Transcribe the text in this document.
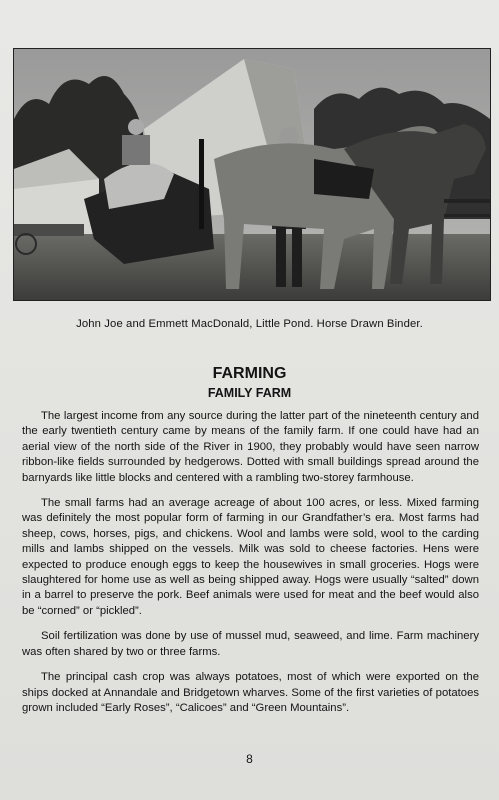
John Joe and Emmett MacDonald, Little Pond. Horse Drawn Binder.
FARMING
FAMILY FARM

The largest income from any source during the latter part of the nineteenth century and the early twentieth century came by means of the family farm. If one could have had an aerial view of the north side of the River in 1900, they probably would have seen narrow ribbon-like fields surrounded by hedgerows. Dotted with small buildings spread around the barnyards like little blocks and centered with a rambling two-storey farmhouse.

The small farms had an average acreage of about 100 acres, or less. Mixed farming was definitely the most popular form of farming in our Grandfather’s era. Most farms had sheep, cows, horses, pigs, and chickens. Wool and lambs were sold, wool to the carding mills and lambs shipped on the vessels. Milk was sold to cheese factories. Hens were expected to produce enough eggs to keep the housewives in small groceries. Hogs were slaughtered for home use as well as being shipped away. Hogs were usually “salted” down in a barrel to preserve the pork. Beef animals were used for meat and the beef would also be “corned” or “pickled”.

Soil fertilization was done by use of mussel mud, seaweed, and lime. Farm machinery was often shared by two or three farms.

The principal cash crop was always potatoes, most of which were exported on the ships docked at Annandale and Bridgetown wharves. Some of the first varieties of potatoes grown included “Early Roses”, “Calicoes” and “Green Mountains”.

8
